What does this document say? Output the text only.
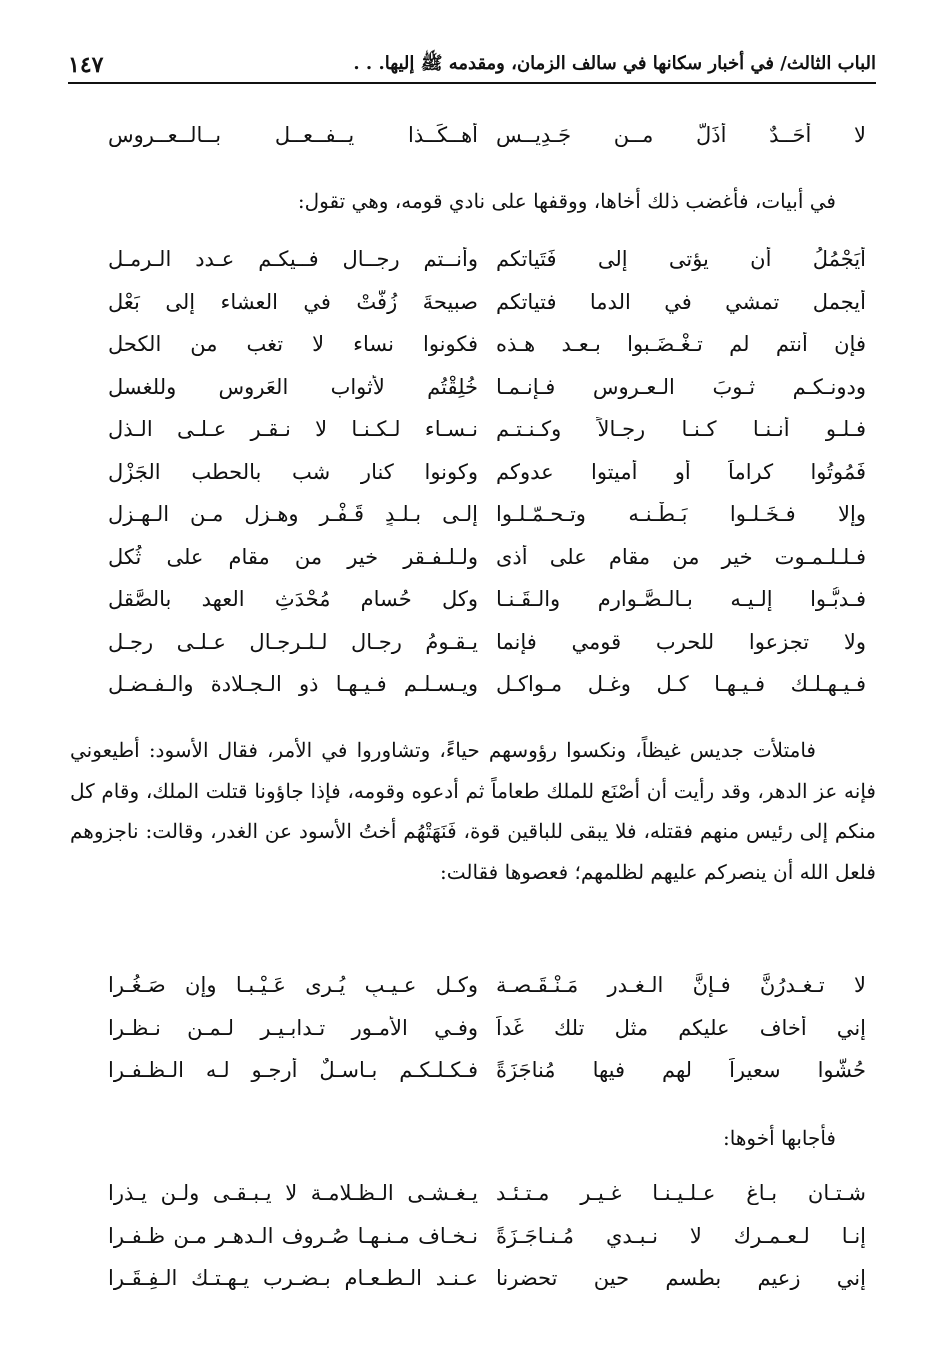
الباب الثالث/ في أخبار سكانها في سالف الزمان، ومقدمه ﷺ إليها. . .
١٤٧
لا أحَــدٌ أذَلّ مــن جَـدِيــس
أهــكَــذا يــفــعــل بــالــعــروس
في أبيات، فأغضب ذلك أخاها، ووقفها على نادي قومه، وهي تقول:
أيَجْمُلُ أن يؤتى إلى فَتَياتكم
وأنــتم رجــال فــيكـم عـدد الـرمـل
أيجمل تمشي في الدما فتياتكم
صبيحةَ زُفّتْ في العشاء إلى بَعْلِ
فإن أنتم لم تـغْـضَـبوا بـعـد هـذه
فكونوا نساء لا تغب من الكحل
ودونـكـم ثـوبَ الـعـروس فـإنـمـا
خُلِقْتُم لأثواب العَروسِ وللغسل
فـلـو أنـنـا كـنـا رجـالاً وكـنـتـم
نـسـاء لـكـنـا لا نـقـر عـلـى الـذل
فَمُوتُوا كراماً أو أميتوا عدوكم
وكونوا كنار شب بالحطب الجَزْلِ
وإلا فـخَـلـوا بَـطْـنـه وتـحـمّـلـوا
إلـى بـلـدٍ قَـفْـرٍ وهـزل مـن الـهـزل
فـلـلـمـوت خير من مقام على أذى
ولـلـفـقر خير من مقام على ثُكل
فـدبُّـوا إلـيـه بـالـصَّـوارم والـقَـنـا
وكل حُسام مُحْدَثِ العهد بالصَّقلِ
ولا تجزعوا للحرب قومي فإنما
يـقـومُ رجـال لـلـرجـال عـلـى رجـل
فـيـهـلـك فـيـهـا كـل وغـل مـواكـل
ويـسـلـم فـيـهـا ذو الـجـلادة والـفـضـل

فامتلأت جديس غيظاً، ونكسوا رؤوسهم حياءً، وتشاوروا في الأمر، فقال الأسود: أطيعوني فإنه عز الدهر، وقد رأيت أن أصْنَع للملك طعاماً ثم أدعوه وقومه، فإذا جاؤونا قتلت الملك، وقام كل منكم إلى رئيس منهم فقتله، فلا يبقى للباقين قوة، فَنَهَتْهُم أختُ الأسود عن الغدر، وقالت: ناجزوهم فلعل الله أن ينصركم عليهم لظلمهم؛ فعصوها فقالت:

لا تـغـدرُنَّ فـإنَّ الـغـدر مَـنْـقَـصـة
وكـل عـيـبٍ يُـرى عَـيْـبـا وإن صَـغُـرا
إني أخاف عليكم مثل تلك غَداً
وفـي الأمـور تـدابـيـر لـمـن نـظـرا
حُشُّوا سعيراً لهم فيها مُناجَزَةً
فـكـلـكـم بـاسـلٌ أرجـو لـه الـظـفـرا
فأجابها أخوها:
شـتـان بـاغ عـلـيـنـا غـيـر مـتـئـد
يـغـشـى الـظـلامـة لا يـبـقـى ولـن يـذرا
إنـا لـعـمـرك لا نـبـدي مُـنـاجَـزَةً
نـخـاف مـنـهـا صُـروف الـدهـر مـن ظـفـرا
إني زعيم بطسم حين تحضرنا
عـنـد الـطـعـام بـضـرب يـهـتـك الـفِـقَـرا
